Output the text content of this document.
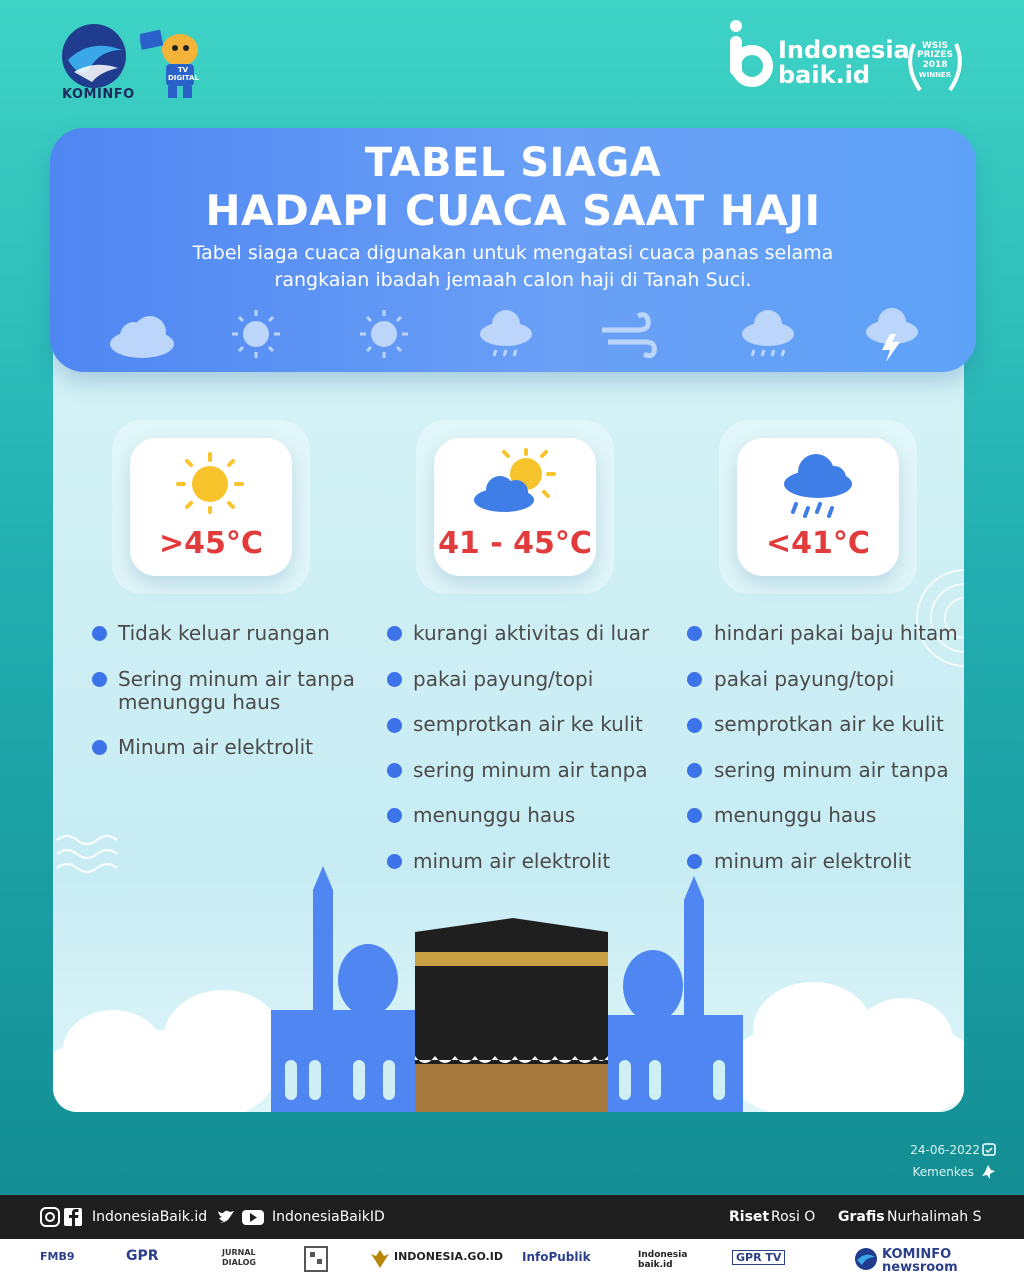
KOMINFO
TV DIGITAL
Indonesia
baik.id
WSIS
PRIZES
2018
WINNER
TABEL SIAGA
HADAPI CUACA SAAT HAJI
Tabel siaga cuaca digunakan untuk mengatasi cuaca panas selama
rangkaian ibadah jemaah calon haji di Tanah Suci.
>45°C	41 - 45°C	<41°C
Tidak keluar ruangan
Sering minum air tanpa menunggu haus
Minum air elektrolit
kurangi aktivitas di luar
pakai payung/topi
semprotkan air ke kulit
sering minum air tanpa
menunggu haus
minum air elektrolit
hindari pakai baju hitam
pakai payung/topi
semprotkan air ke kulit
sering minum air tanpa
menunggu haus
minum air elektrolit
24-06-2022
Kemenkes
IndonesiaBaik.id	IndonesiaBaikID	Riset Rosi O Grafis Nurhalimah S
FMB9	GPR	JURNAL DIALOG	INDONESIA.GO.ID InfoPublik	Indonesia baik.id
GPR TV	KOMINFO newsroom
